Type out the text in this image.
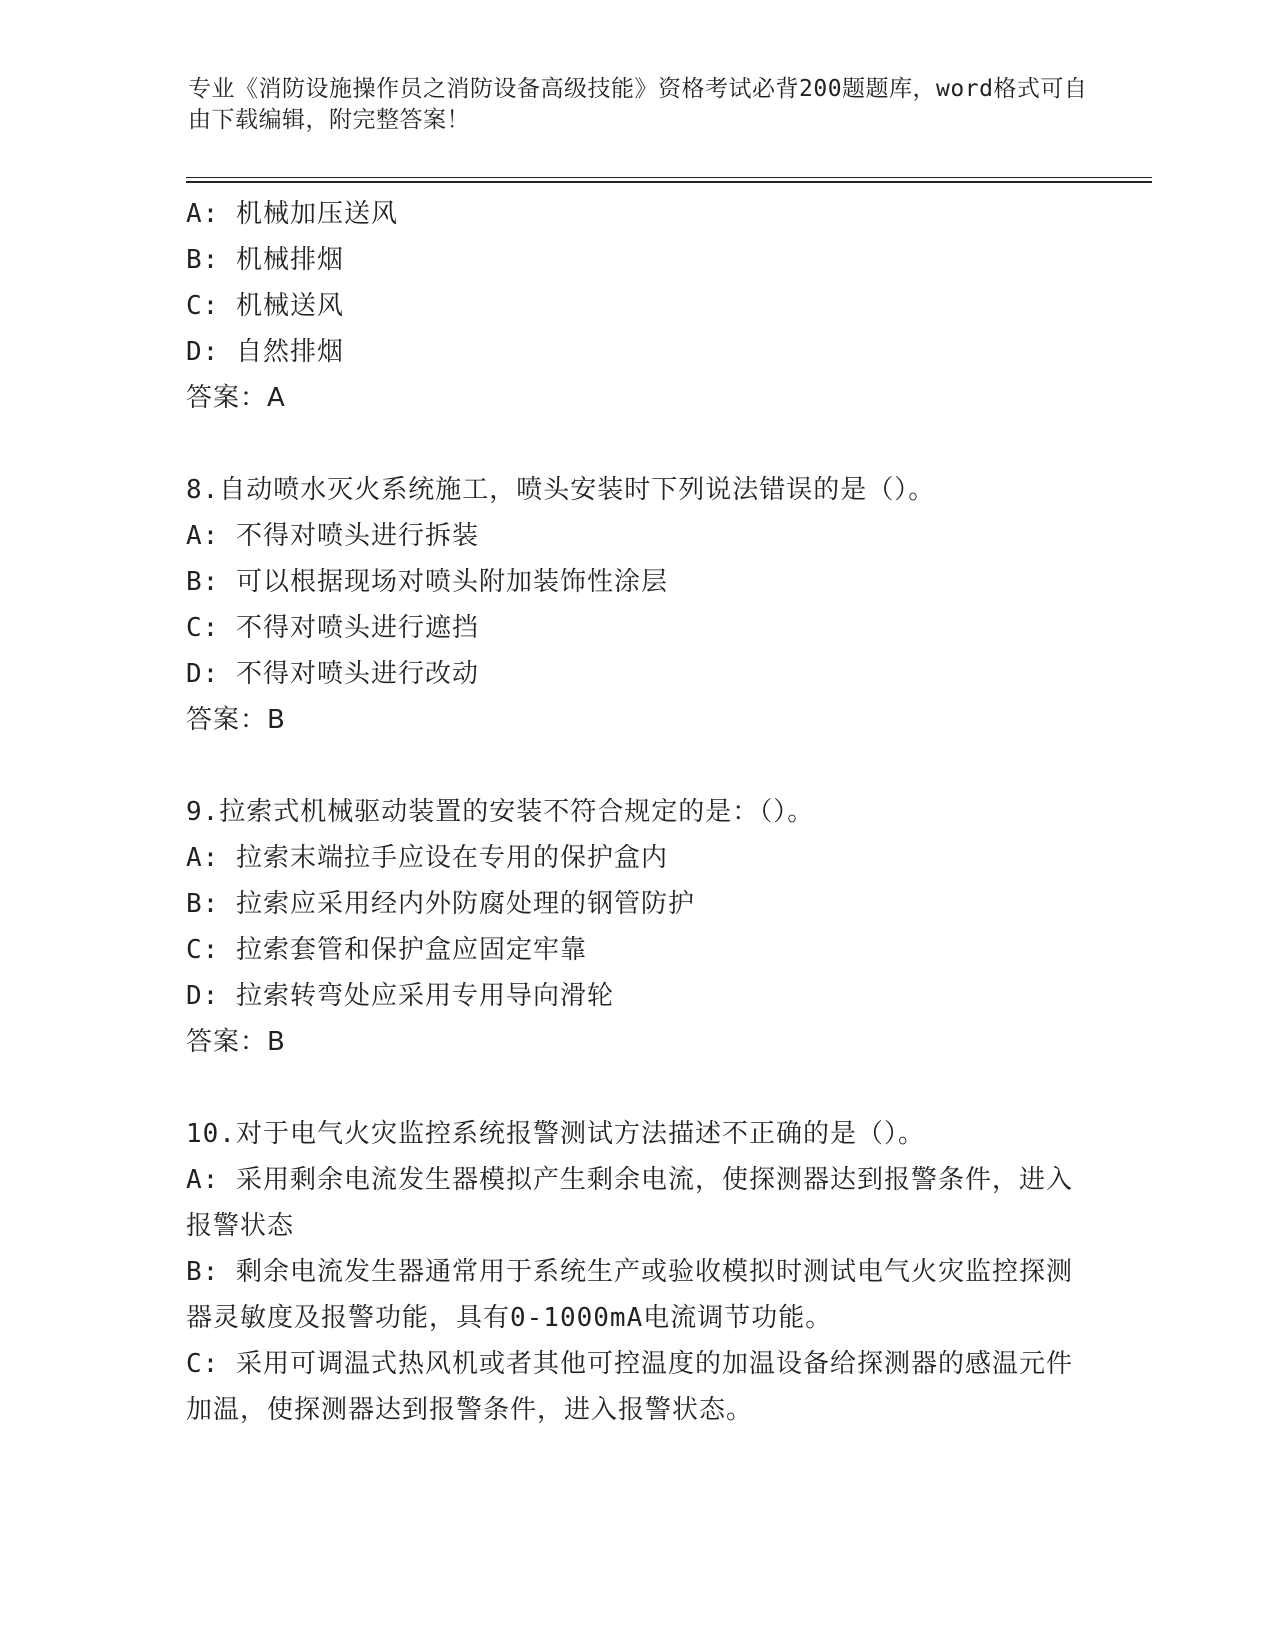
专业《消防设施操作员之消防设备高级技能》资格考试必背200题题库，word格式可自由下载编辑，附完整答案！
A: 机械加压送风
B: 机械排烟
C: 机械送风
D: 自然排烟
答案：A
8.自动喷水灭火系统施工，喷头安装时下列说法错误的是（）。
A: 不得对喷头进行拆装
B: 可以根据现场对喷头附加装饰性涂层
C: 不得对喷头进行遮挡
D: 不得对喷头进行改动
答案：B
9.拉索式机械驱动装置的安装不符合规定的是：（）。
A: 拉索末端拉手应设在专用的保护盒内
B: 拉索应采用经内外防腐处理的钢管防护
C: 拉索套管和保护盒应固定牢靠
D: 拉索转弯处应采用专用导向滑轮
答案：B
10.对于电气火灾监控系统报警测试方法描述不正确的是（）。
A: 采用剩余电流发生器模拟产生剩余电流，使探测器达到报警条件，进入报警状态
B: 剩余电流发生器通常用于系统生产或验收模拟时测试电气火灾监控探测器灵敏度及报警功能，具有0-1000mA电流调节功能。
C: 采用可调温式热风机或者其他可控温度的加温设备给探测器的感温元件加温，使探测器达到报警条件，进入报警状态。
